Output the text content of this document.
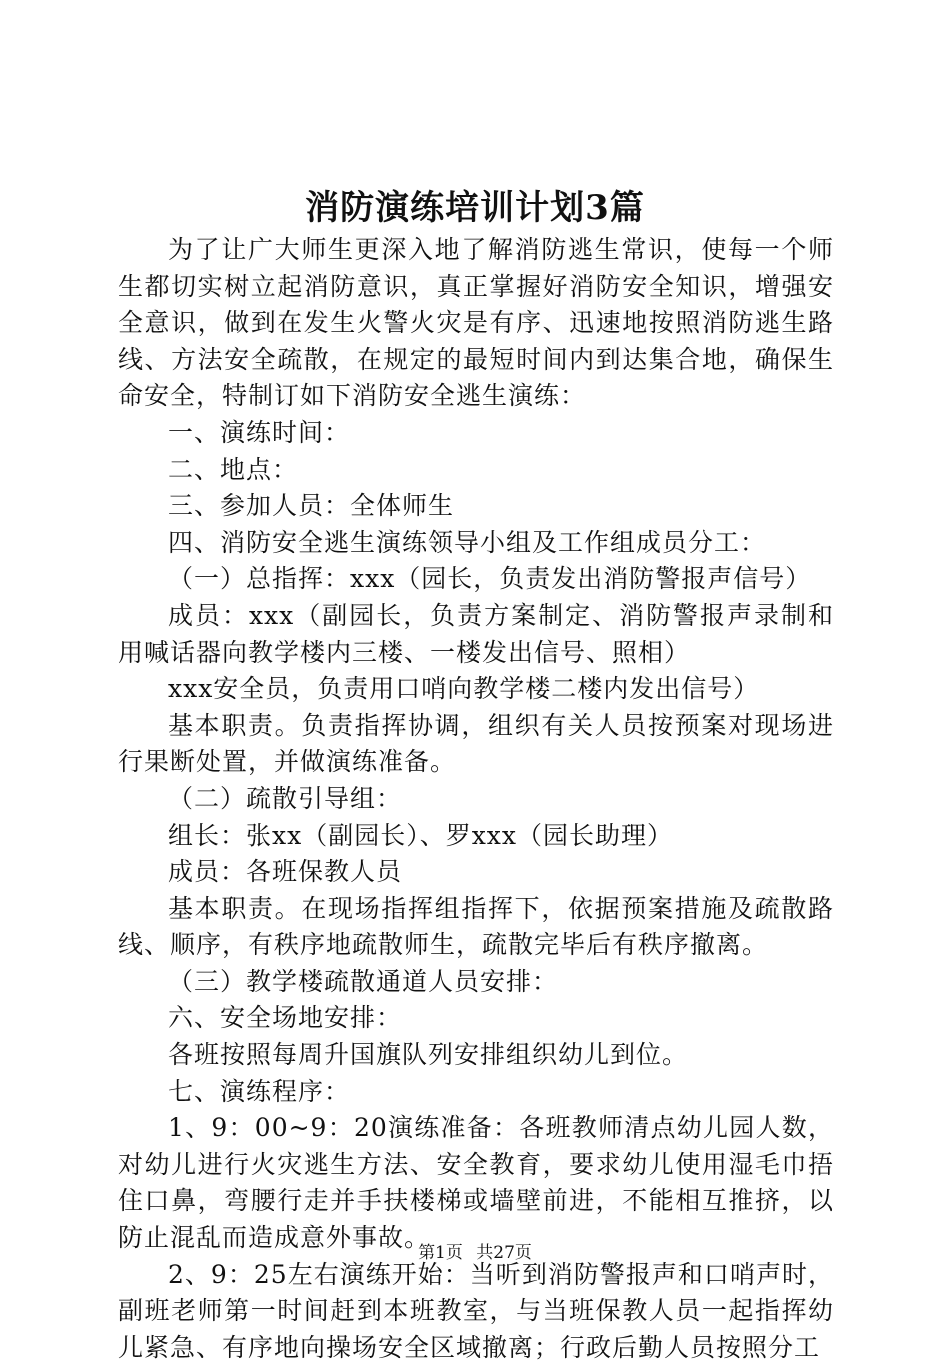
消防演练培训计划3篇

为了让广大师生更深入地了解消防逃生常识，使每一个师生都切实树立起消防意识，真正掌握好消防安全知识，增强安全意识，做到在发生火警火灾是有序、迅速地按照消防逃生路线、方法安全疏散，在规定的最短时间内到达集合地，确保生命安全，特制订如下消防安全逃生演练：

一、演练时间：

二、地点：

三、参加人员：全体师生

四、消防安全逃生演练领导小组及工作组成员分工：

（一）总指挥：xxx（园长，负责发出消防警报声信号）

成员：xxx（副园长，负责方案制定、消防警报声录制和用喊话器向教学楼内三楼、一楼发出信号、照相）

xxx安全员，负责用口哨向教学楼二楼内发出信号）

基本职责。负责指挥协调，组织有关人员按预案对现场进行果断处置，并做演练准备。

（二）疏散引导组：

组长：张xx（副园长）、罗xxx（园长助理）

成员：各班保教人员

基本职责。在现场指挥组指挥下，依据预案措施及疏散路线、顺序，有秩序地疏散师生，疏散完毕后有秩序撤离。

（三）教学楼疏散通道人员安排：

六、安全场地安排：

各班按照每周升国旗队列安排组织幼儿到位。

七、演练程序：

1、9：00~9：20演练准备：各班教师清点幼儿园人数，对幼儿进行火灾逃生方法、安全教育，要求幼儿使用湿毛巾捂住口鼻，弯腰行走并手扶楼梯或墙壁前进，不能相互推挤，以防止混乱而造成意外事故。

2、9：25左右演练开始：当听到消防警报声和口哨声时，副班老师第一时间赶到本班教室，与当班保教人员一起指挥幼儿紧急、有序地向操场安全区域撤离；行政后勤人员按照分工

第1页 共27页
